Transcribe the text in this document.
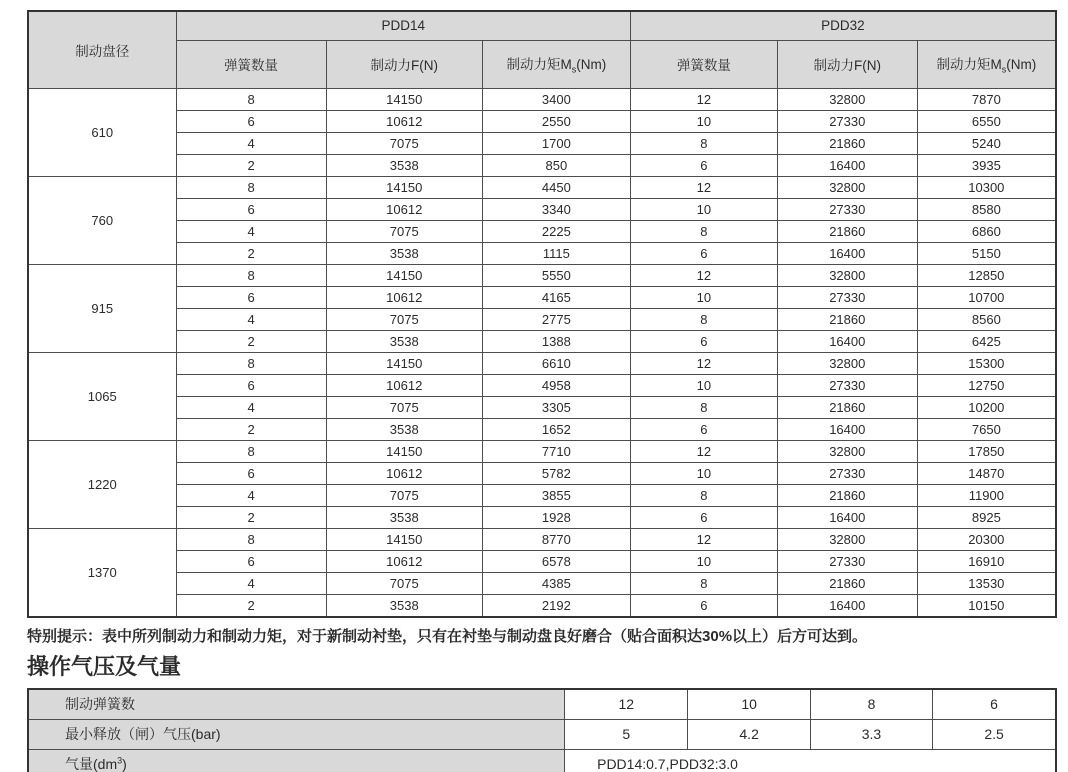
制动盘径	PDD14			PDD32		
	弹簧数量	制动力F(N)	制动力矩$M_s(Nm)$	弹簧数量	制动力F(N)	制动力矩$M_s(Nm)$
610	8	14150	3400	12	32800	7870
	6	10612	2550	10	27330	6550
	4	7075	1700	8	21860	5240
	2	3538	850	6	16400	3935
760	8	14150	4450	12	32800	10300
	6	10612	3340	10	27330	8580
	4	7075	2225	8	21860	6860
	2	3538	1115	6	16400	5150
915	8	14150	5550	12	32800	12850
	6	10612	4165	10	27330	10700
	4	7075	2775	8	21860	8560
	2	3538	1388	6	16400	6425
1065	8	14150	6610	12	32800	15300
	6	10612	4958	10	27330	12750
	4	7075	3305	8	21860	10200
	2	3538	1652	6	16400	7650
1220	8	14150	7710	12	32800	17850
	6	10612	5782	10	27330	14870
	4	7075	3855	8	21860	11900
	2	3538	1928	6	16400	8925
1370	8	14150	8770	12	32800	20300
	6	10612	6578	10	27330	16910
	4	7075	4385	8	21860	13530
	2	3538	2192	6	16400	10150
特别提示：表中所列制动力和制动力矩，对于新制动衬垫，只有在衬垫与制动盘良好磨合（贴合面积达30%以上）后方可达到。
操作气压及气量
制动弹簧数	12	10	8	6
最小释放（闸）气压(bar)	5	4.2	3.3	2.5
气量$(dm^3)$	PDD14:0.7,PDD32:3.0			
